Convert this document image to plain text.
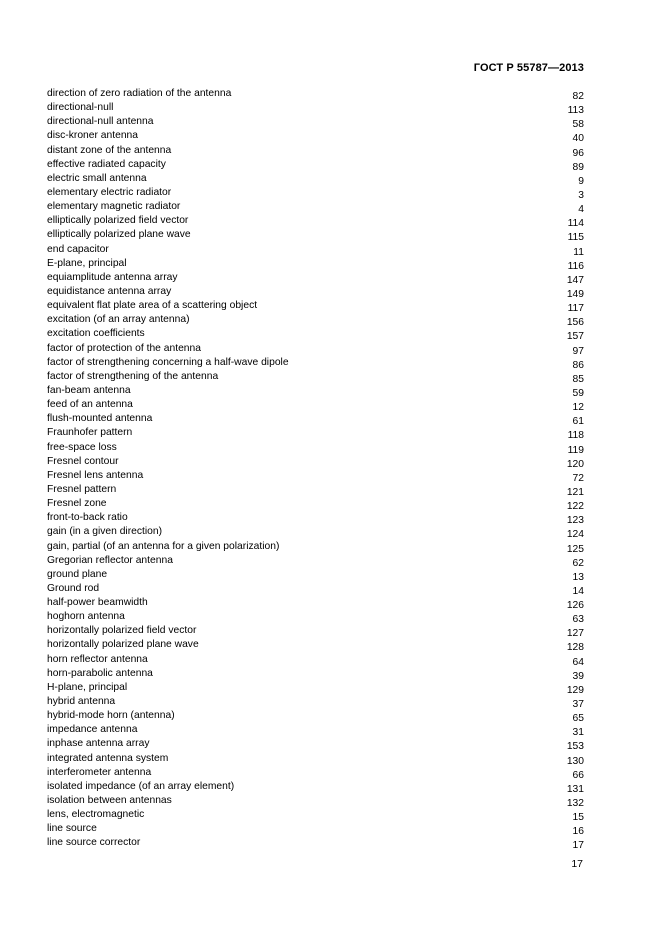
ГОСТ Р 55787—2013
direction of zero radiation of the antenna	82
directional-null	113
directional-null antenna	58
disc-kroner antenna	40
distant zone of the antenna	96
effective radiated capacity	89
electric small antenna	9
elementary electric radiator	3
elementary magnetic radiator	4
elliptically polarized field vector	114
elliptically polarized plane wave	115
end capacitor	11
E-plane, principal	116
equiamplitude antenna array	147
equidistance antenna array	149
equivalent flat plate area of a scattering object	117
excitation (of an array antenna)	156
excitation coefficients	157
factor of protection of the antenna	97
factor of strengthening concerning a half-wave dipole	86
factor of strengthening of the antenna	85
fan-beam antenna	59
feed of an antenna	12
flush-mounted antenna	61
Fraunhofer pattern	118
free-space loss	119
Fresnel contour	120
Fresnel lens antenna	72
Fresnel pattern	121
Fresnel zone	122
front-to-back ratio	123
gain (in a given direction)	124
gain, partial (of an antenna for a given polarization)	125
Gregorian reflector antenna	62
ground plane	13
Ground rod	14
half-power beamwidth	126
hoghorn antenna	63
horizontally polarized field vector	127
horizontally polarized plane wave	128
horn reflector antenna	64
horn-parabolic antenna	39
H-plane, principal	129
hybrid antenna	37
hybrid-mode horn (antenna)	65
impedance antenna	31
inphase antenna array	153
integrated antenna system	130
interferometer antenna	66
isolated impedance (of an array element)	131
isolation between antennas	132
lens, electromagnetic	15
line source	16
line source corrector	17
17
